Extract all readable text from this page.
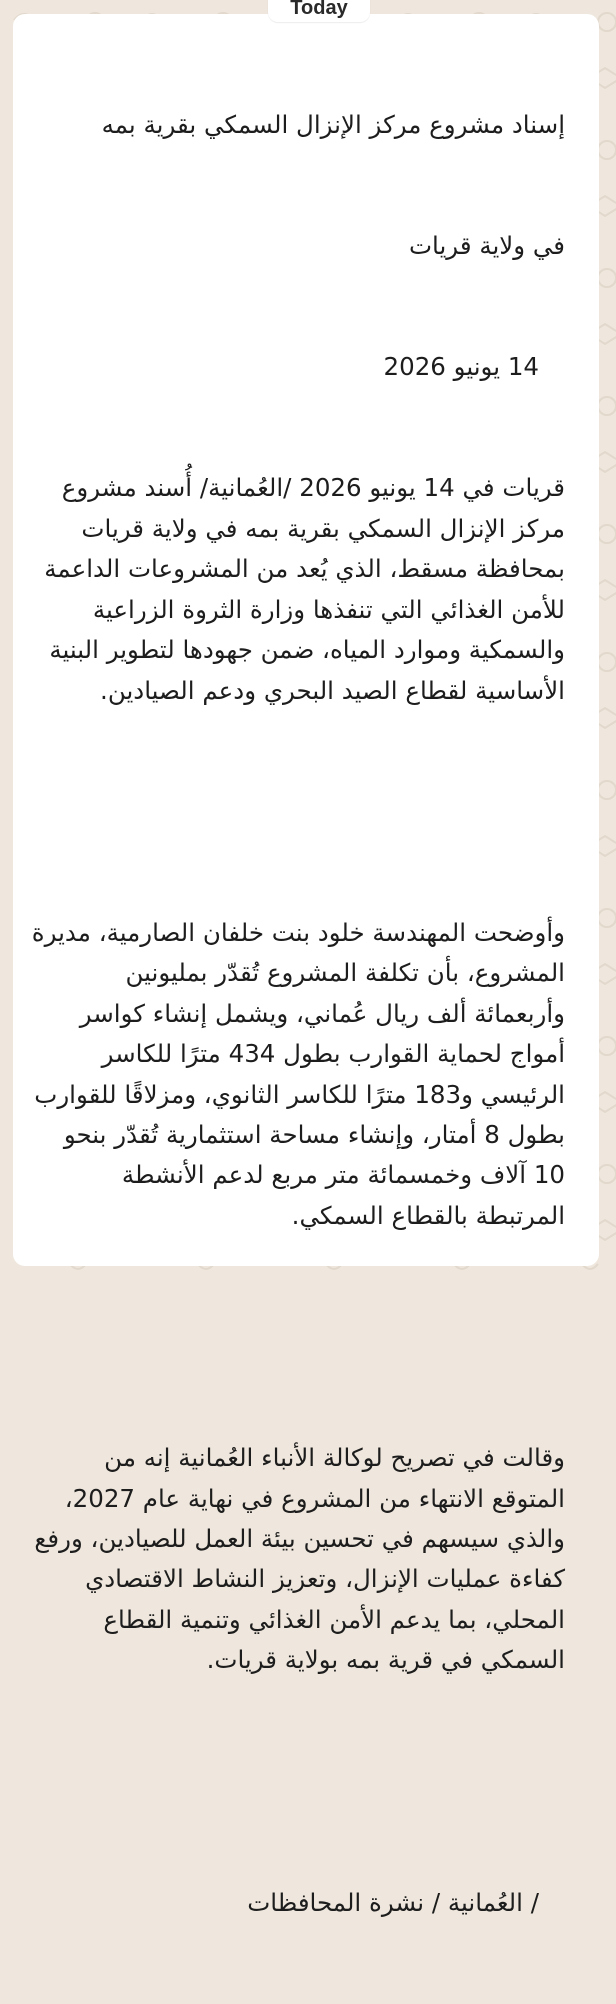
Today

إسناد مشروع مركز الإنزال السمكي بقرية بمه

في ولاية قريات

14 يونيو 2026

قريات في 14 يونيو 2026 /العُمانية/ أُسند مشروع مركز الإنزال السمكي بقرية بمه في ولاية قريات بمحافظة مسقط، الذي يُعد من المشروعات الداعمة للأمن الغذائي التي تنفذها وزارة الثروة الزراعية والسمكية وموارد المياه، ضمن جهودها لتطوير البنية الأساسية لقطاع الصيد البحري ودعم الصيادين.

وأوضحت المهندسة خلود بنت خلفان الصارمية، مديرة المشروع، بأن تكلفة المشروع تُقدّر بمليونين وأربعمائة ألف ريال عُماني، ويشمل إنشاء كواسر أمواج لحماية القوارب بطول 434 مترًا للكاسر الرئيسي و183 مترًا للكاسر الثانوي، ومزلاقًا للقوارب بطول 8 أمتار، وإنشاء مساحة استثمارية تُقدّر بنحو 10 آلاف وخمسمائة متر مربع لدعم الأنشطة المرتبطة بالقطاع السمكي.

وقالت في تصريح لوكالة الأنباء العُمانية إنه من المتوقع الانتهاء من المشروع في نهاية عام 2027، والذي سيسهم في تحسين بيئة العمل للصيادين، ورفع كفاءة عمليات الإنزال، وتعزيز النشاط الاقتصادي المحلي، بما يدعم الأمن الغذائي وتنمية القطاع السمكي في قرية بمه بولاية قريات.

/ العُمانية / نشرة المحافظات
